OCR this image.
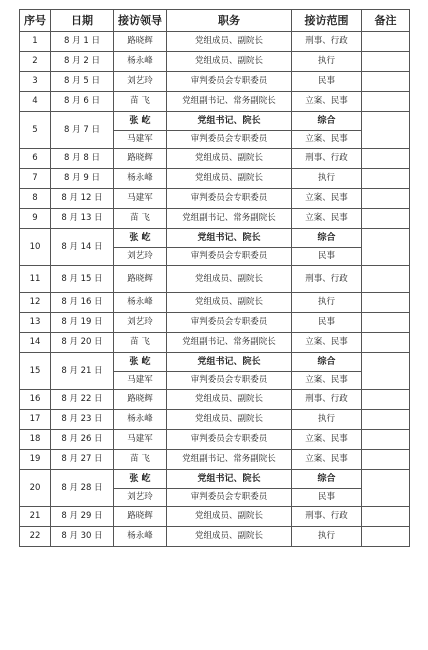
序号	日期	接访领导	职务	接访范围	备注
1	8 月 1 日	路晓辉	党组成员、副院长	刑事、行政	
2	8 月 2 日	杨永峰	党组成员、副院长	执行	
3	8 月 5 日	刘艺玲	审判委员会专职委员	民事	
4	8 月 6 日	苗 飞	党组副书记、常务副院长	立案、民事	
5	8 月 7 日	张 屹	党组书记、院长	综合	
		马建军	审判委员会专职委员	立案、民事	
6	8 月 8 日	路晓辉	党组成员、副院长	刑事、行政	
7	8 月 9 日	杨永峰	党组成员、副院长	执行	
8	8 月 12 日	马建军	审判委员会专职委员	立案、民事	
9	8 月 13 日	苗 飞	党组副书记、常务副院长	立案、民事	
10	8 月 14 日	张 屹	党组书记、院长	综合	
		刘艺玲	审判委员会专职委员	民事	
11	8 月 15 日	路晓辉	党组成员、副院长	刑事、行政	
12	8 月 16 日	杨永峰	党组成员、副院长	执行	
13	8 月 19 日	刘艺玲	审判委员会专职委员	民事	
14	8 月 20 日	苗 飞	党组副书记、常务副院长	立案、民事	
15	8 月 21 日	张 屹	党组书记、院长	综合	
		马建军	审判委员会专职委员	立案、民事	
16	8 月 22 日	路晓辉	党组成员、副院长	刑事、行政	
17	8 月 23 日	杨永峰	党组成员、副院长	执行	
18	8 月 26 日	马建军	审判委员会专职委员	立案、民事	
19	8 月 27 日	苗 飞	党组副书记、常务副院长	立案、民事	
20	8 月 28 日	张 屹	党组书记、院长	综合	
		刘艺玲	审判委员会专职委员	民事	
21	8 月 29 日	路晓辉	党组成员、副院长	刑事、行政	
22	8 月 30 日	杨永峰	党组成员、副院长	执行	
